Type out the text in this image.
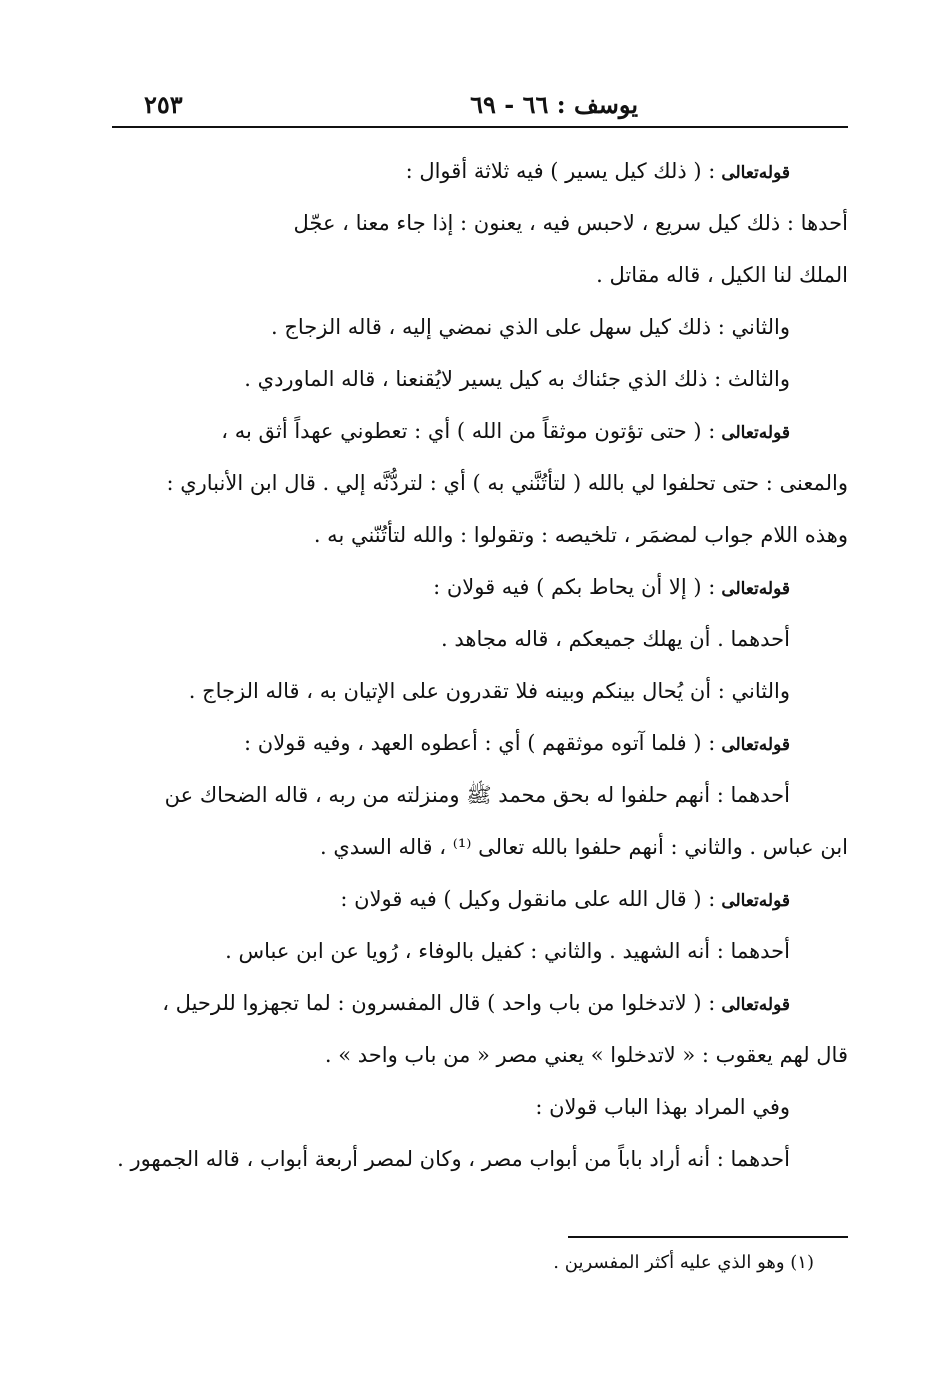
يوسف : ٦٦ - ٦٩
٢٥٣
قوله‌تعالى: ( ذلك كيل يسير ) فيه ثلاثة أقوال :
أحدها : ذلك كيل سريع ، لاحبس فيه ، يعنون : إذا جاء معنا ، عجّل
الملك لنا الكيل ، قاله مقاتل .
والثاني : ذلك كيل سهل على الذي نمضي إليه ، قاله الزجاج .
والثالث : ذلك الذي جئناك به كيل يسير لايُقنعنا ، قاله الماوردي .
قوله‌تعالى: ( حتى تؤتون موثقاً من الله ) أي : تعطوني عهداً أثق به ،
والمعنى : حتى تحلفوا لي بالله ( لتأتُنَّني به ) أي : لتردُّنَّه إلي . قال ابن الأنباري :
وهذه اللام جواب لمضمَر ، تلخيصه : وتقولوا : والله لتأتُنّني به .
قوله‌تعالى: ( إلا أن يحاط بكم ) فيه قولان :
أحدهما . أن يهلك جميعكم ، قاله مجاهد .
والثاني : أن يُحال بينكم وبينه فلا تقدرون على الإتيان به ، قاله الزجاج .
قوله‌تعالى: ( فلما آتوه موثقهم ) أي : أعطوه العهد ، وفيه قولان :
أحدهما : أنهم حلفوا له بحق محمد ﷺ ومنزلته من ربه ، قاله الضحاك عن
ابن عباس . والثاني : أنهم حلفوا بالله تعالى ⁽¹⁾ ، قاله السدي .
قوله‌تعالى: ( قال الله على مانقول وكيل ) فيه قولان :
أحدهما : أنه الشهيد . والثاني : كفيل بالوفاء ، رُويا عن ابن عباس .
قوله‌تعالى: ( لاتدخلوا من باب واحد ) قال المفسرون : لما تجهزوا للرحيل ،
قال لهم يعقوب : « لاتدخلوا » يعني مصر « من باب واحد » .
وفي المراد بهذا الباب قولان :
أحدهما : أنه أراد باباً من أبواب مصر ، وكان لمصر أربعة أبواب ، قاله الجمهور .
(١) وهو الذي عليه أكثر المفسرين .
